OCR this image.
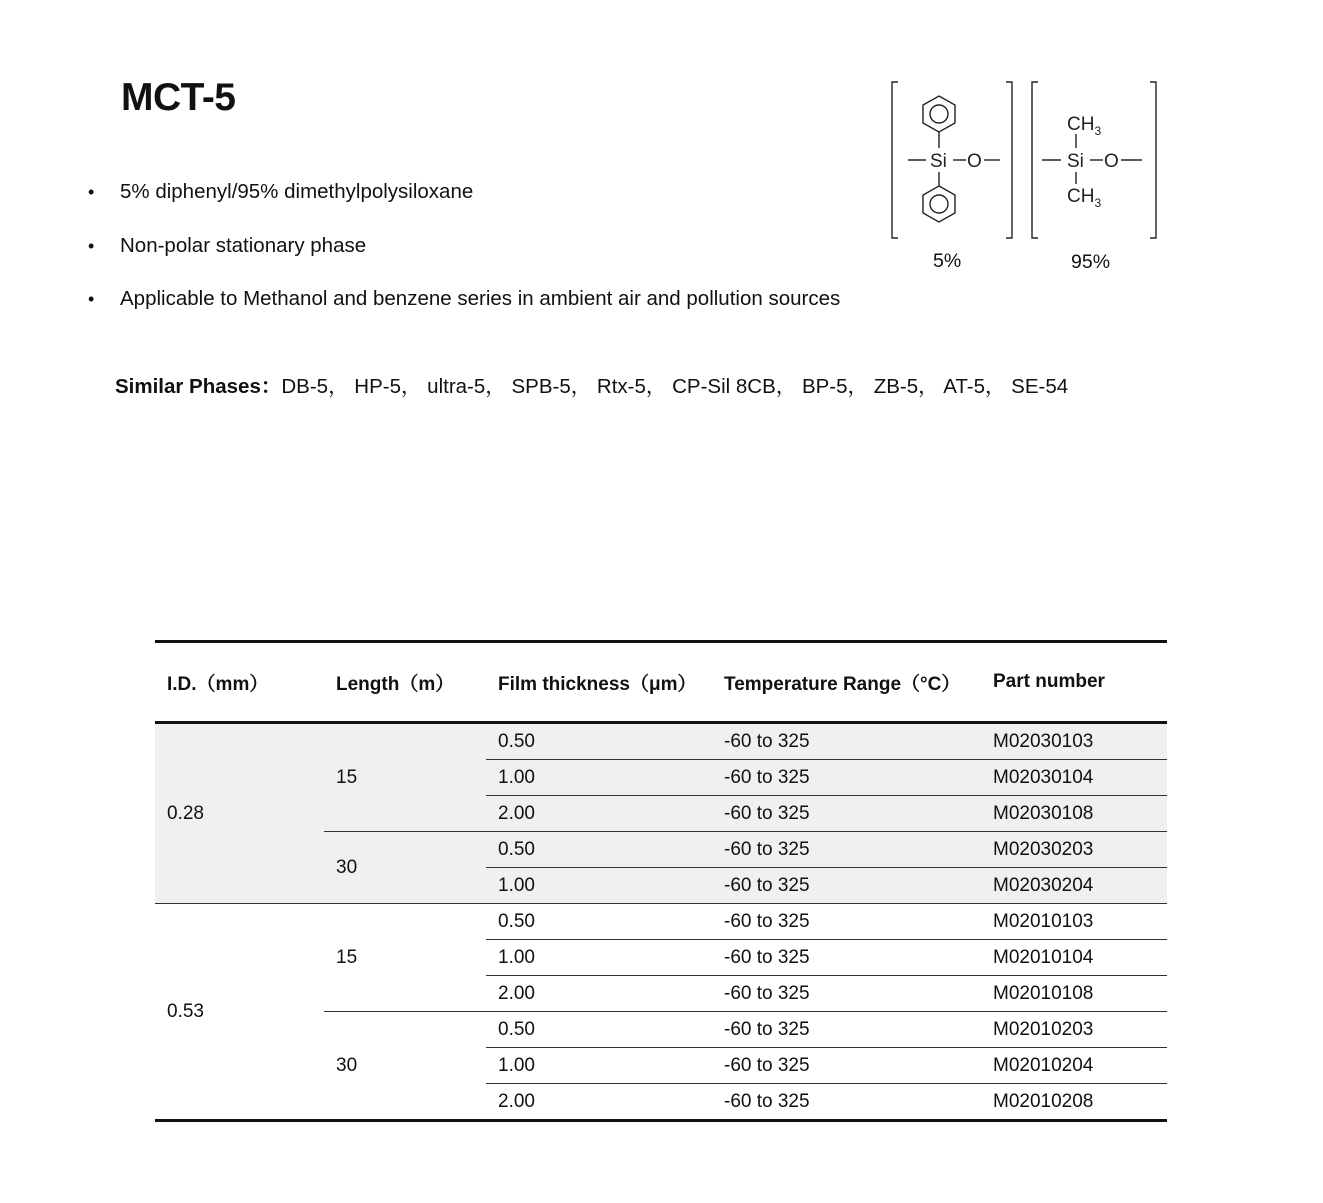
MCT-5
• 5% diphenyl/95% dimethylpolysiloxane
• Non-polar stationary phase
• Applicable to Methanol and benzene series in ambient air and pollution sources
Similar Phases：DB-5， HP-5， ultra-5， SPB-5， Rtx-5， CP-Sil 8CB， BP-5， ZB-5， AT-5， SE-54
Si O	Si O
$CH_3$
$CH_3$
5%	95%
I.D.（mm）	Length（m）	Film thickness（μm）	Temperature Range（°C）	Part number
0.28	15	0.50	-60 to 325	M02030103
		1.00	-60 to 325	M02030104
		2.00	-60 to 325	M02030108
	30	0.50	-60 to 325	M02030203
		1.00	-60 to 325	M02030204
0.53	15	0.50	-60 to 325	M02010103
		1.00	-60 to 325	M02010104
		2.00	-60 to 325	M02010108
	30	0.50	-60 to 325	M02010203
		1.00	-60 to 325	M02010204
		2.00	-60 to 325	M02010208
